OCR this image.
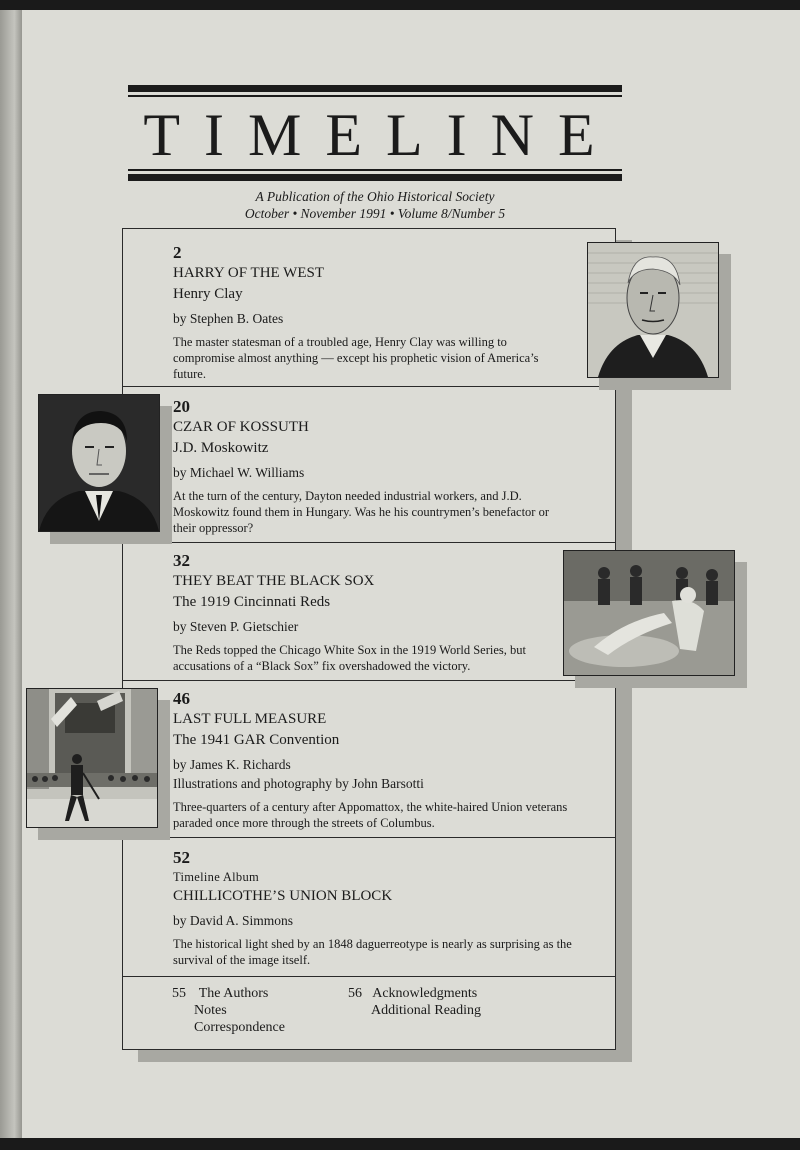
TIMELINE
A Publication of the Ohio Historical Society
October • November 1991 • Volume 8/Number 5
2
HARRY OF THE WEST
Henry Clay
by Stephen B. Oates
The master statesman of a troubled age, Henry Clay was willing to compromise almost anything — except his prophetic vision of America’s future.
20
CZAR OF KOSSUTH
J.D. Moskowitz
by Michael W. Williams
At the turn of the century, Dayton needed industrial workers, and J.D. Moskowitz found them in Hungary. Was he his countrymen’s benefactor or their oppressor?
32
THEY BEAT THE BLACK SOX
The 1919 Cincinnati Reds
by Steven P. Gietschier
The Reds topped the Chicago White Sox in the 1919 World Series, but accusations of a “Black Sox” fix overshadowed the victory.
46
LAST FULL MEASURE
The 1941 GAR Convention
by James K. Richards
Illustrations and photography by John Barsotti
Three-quarters of a century after Appomattox, the white-haired Union veterans paraded once more through the streets of Columbus.
52
Timeline Album
CHILLICOTHE’S UNION BLOCK
by David A. Simmons
The historical light shed by an 1848 daguerreotype is nearly as surprising as the survival of the image itself.
55 The Authors
Notes
Correspondence
56 Acknowledgments
Additional Reading
